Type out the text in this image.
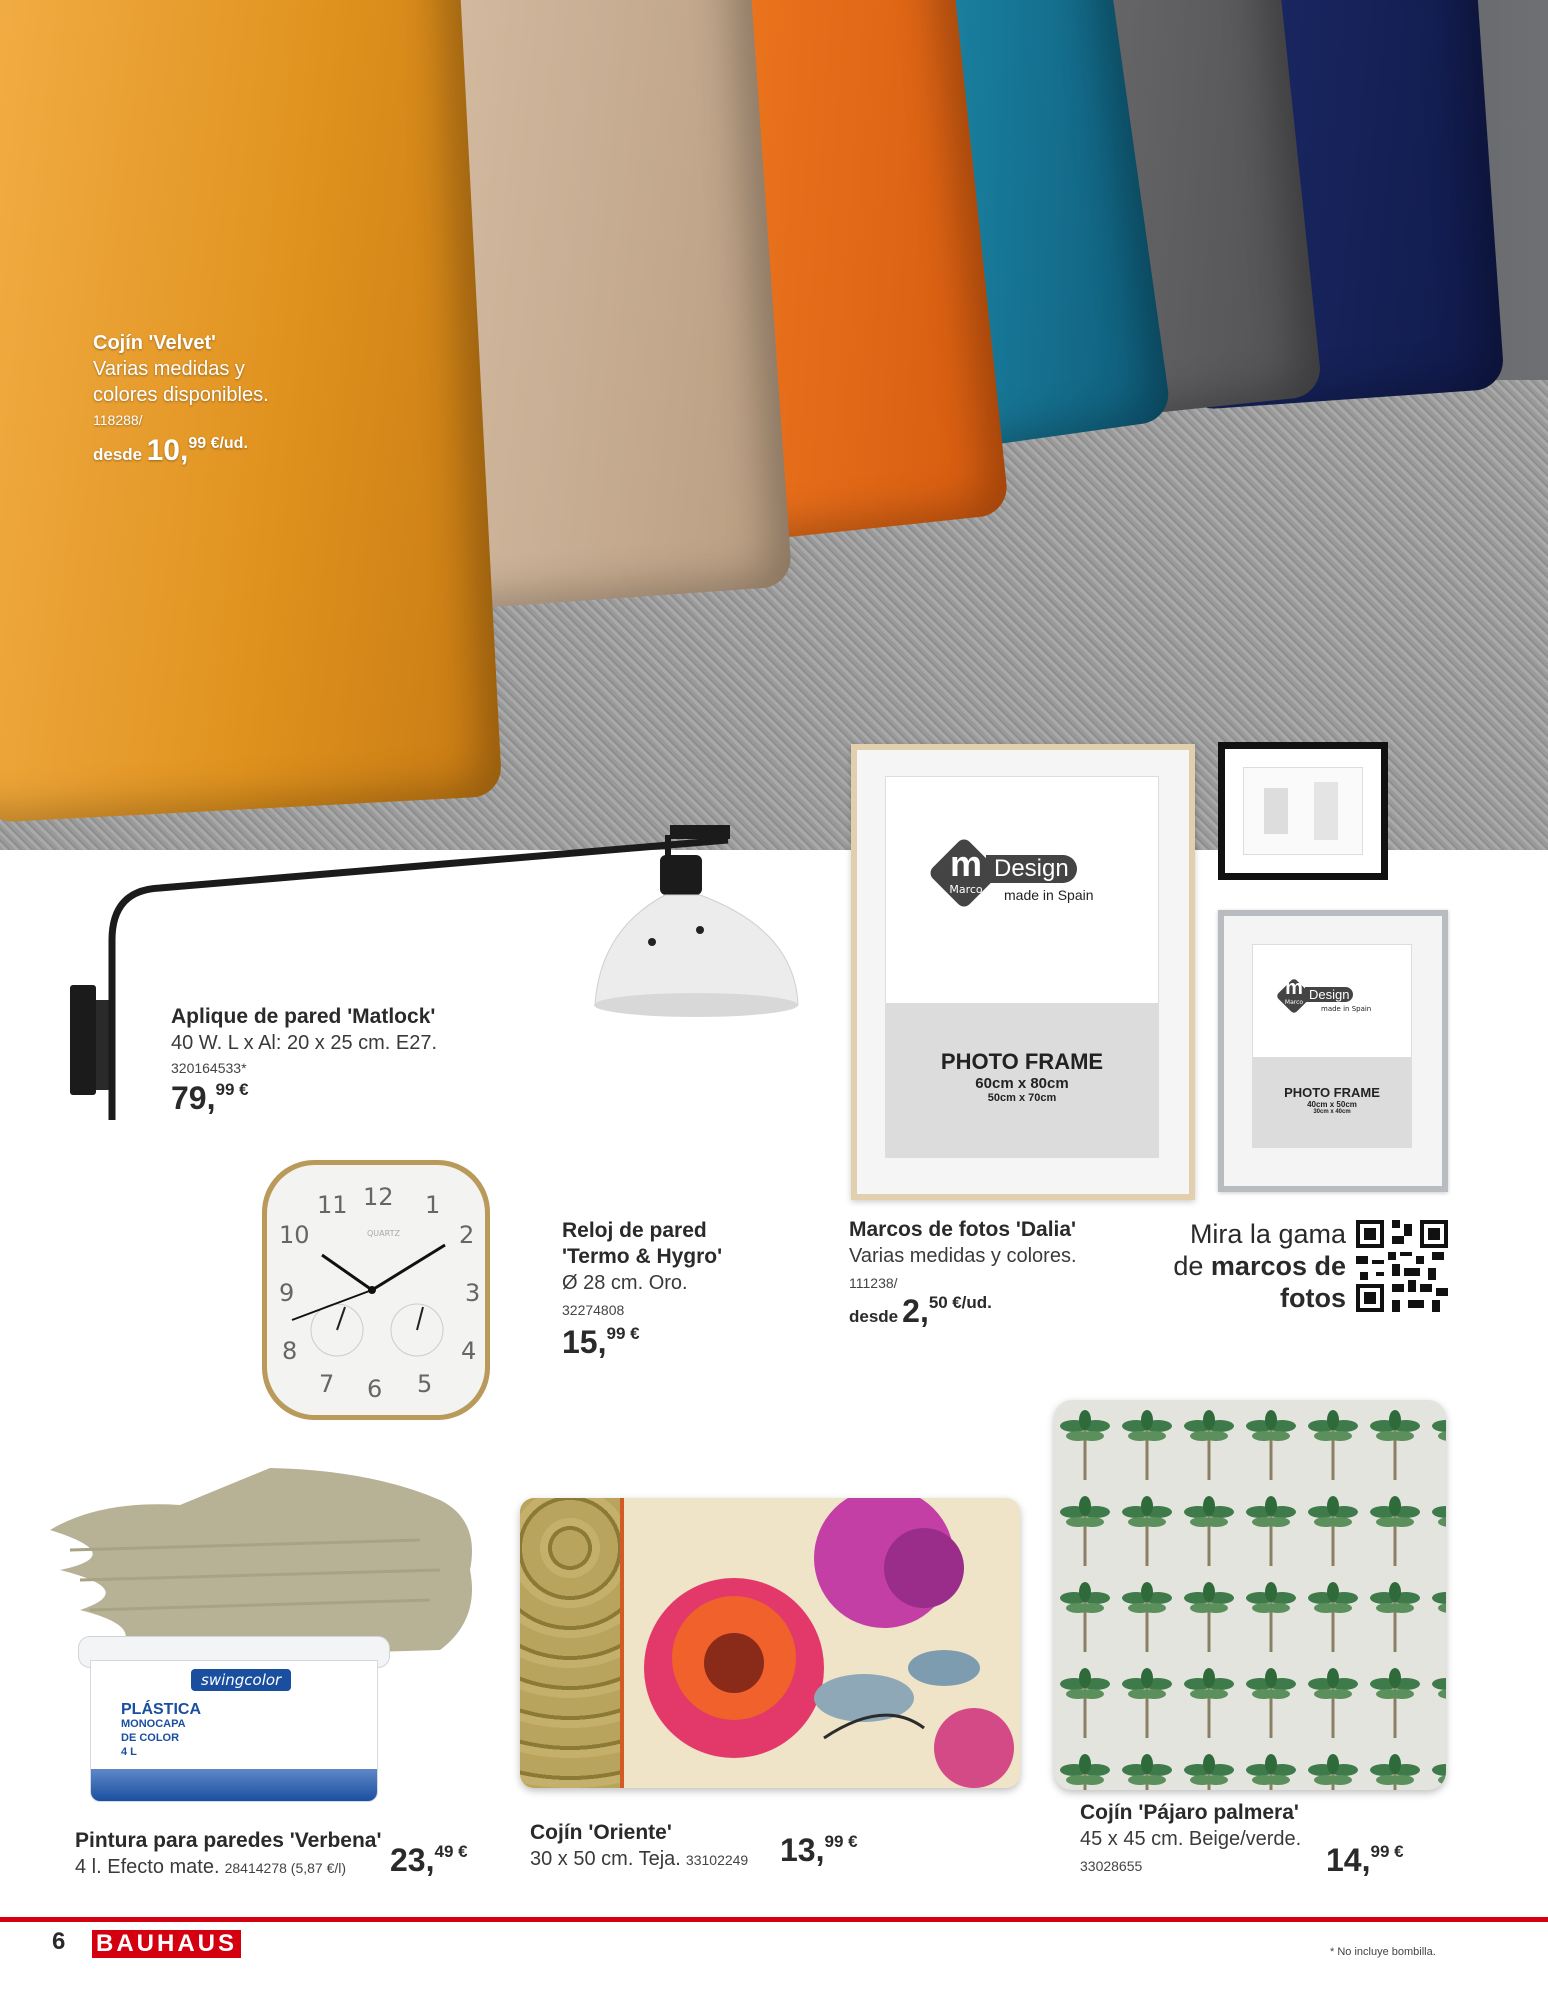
Cojín 'Velvet'
Varias medidas y
colores disponibles.
118288/
desde 10,99 €/ud.
Aplique de pared 'Matlock'
40 W. L x Al: 20 x 25 cm. E27.
320164533*
79,99 €
12 1
2
3
4
5
6
7
8
9
10
11
QUARTZ	Reloj de pared
'Termo & Hygro'
Ø 28 cm. Oro.
32274808
15,99 €
m
Marco
Design
made in Spain
PHOTO FRAME
60cm x 80cm
50cm x 70cm
m
Marco
Design
made in Spain
PHOTO FRAME
40cm x 50cm
30cm x 40cm
Marcos de fotos 'Dalia'
Varias medidas y colores.
111238/
desde 2,50 €/ud.
Mira la gama
de marcos de
fotos
swingcolor
PLÁSTICA
MONOCAPA
DE COLOR
4 L
Pintura para paredes 'Verbena'
4 l. Efecto mate. 28414278 (5,87 €/l)	23,49 €
Cojín 'Oriente'
30 x 50 cm. Teja. 33102249 13,99 €
Cojín 'Pájaro palmera'
45 x 45 cm. Beige/verde.
33028655	14,99 €
6 BAUHAUS	* No incluye bombilla.
